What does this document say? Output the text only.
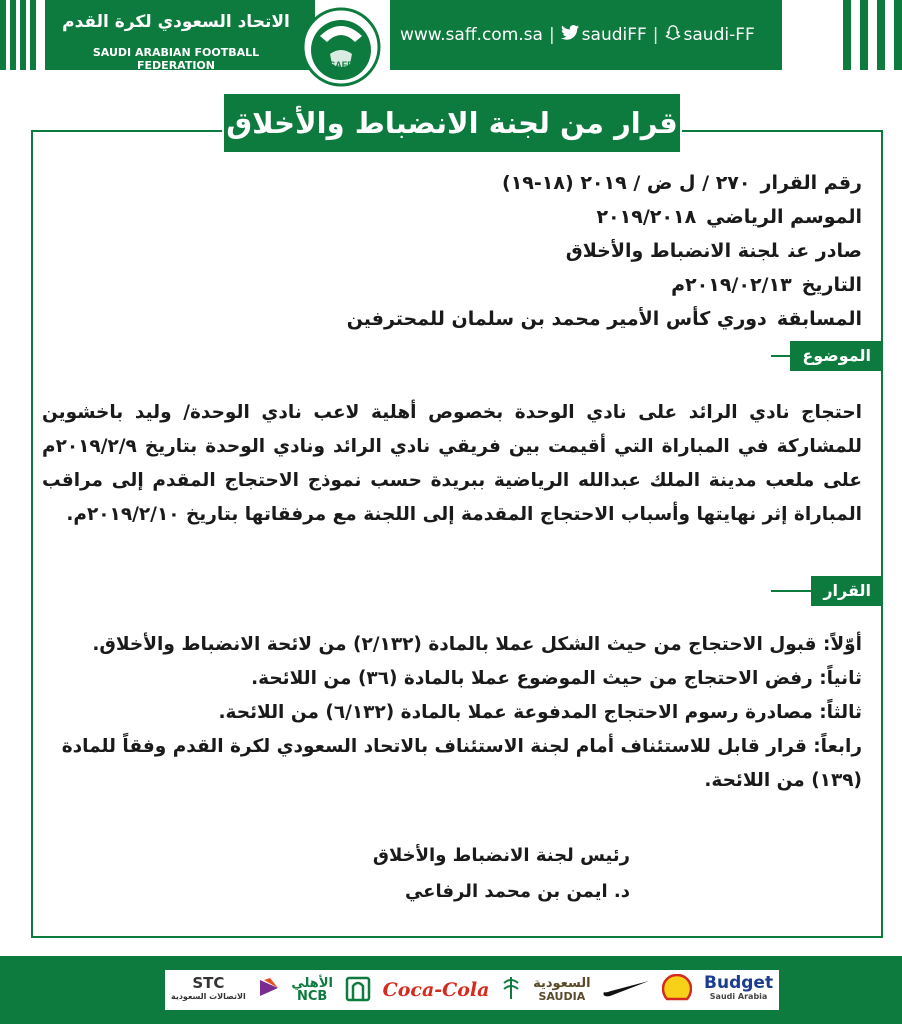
الاتحاد السعودي لكرة القدم
SAUDI ARABIAN FOOTBALL FEDERATION	SAFF
www.saff.com.sa | saudiFF | saudi-FF
قرار من لجنة الانضباط والأخلاق
رقم القرار٢٧٠ / ل ض / ٢٠١٩ (١٨-١٩)
الموسم الرياضي٢٠١٩/٢٠١٨
صادر عنلجنة الانضباط والأخلاق
التاريخ٢٠١٩/٠٢/١٣م
المسابقةدوري كأس الأمير محمد بن سلمان للمحترفين
الموضوع
احتجاج نادي الرائد على نادي الوحدة بخصوص أهلية لاعب نادي الوحدة/ وليد باخشوين للمشاركة في المباراة التي أقيمت بين فريقي نادي الرائد ونادي الوحدة بتاريخ ٢٠١٩/٢/٩م على ملعب مدينة الملك عبدالله الرياضية ببريدة حسب نموذج الاحتجاج المقدم إلى مراقب المباراة إثر نهايتها وأسباب الاحتجاج المقدمة إلى اللجنة مع مرفقاتها بتاريخ ٢٠١٩/٢/١٠م.
القرار

أوّلاً: قبول الاحتجاج من حيث الشكل عملا بالمادة (٢/١٣٢) من لائحة الانضباط والأخلاق.

ثانياً: رفض الاحتجاج من حيث الموضوع عملا بالمادة (٣٦) من اللائحة.

ثالثاً: مصادرة رسوم الاحتجاج المدفوعة عملا بالمادة (٦/١٣٢) من اللائحة.

رابعاً: قرار قابل للاستئناف أمام لجنة الاستئناف بالاتحاد السعودي لكرة القدم وفقاً للمادة (١٣٩) من اللائحة.

رئيس لجنة الانضباط والأخلاق
د. ايمن بن محمد الرفاعي
Budget
Saudi Arabia
السعودية
SAUDIA
Coca-Cola
الأهلي
NCB
STC
الاتصالات السعودية
